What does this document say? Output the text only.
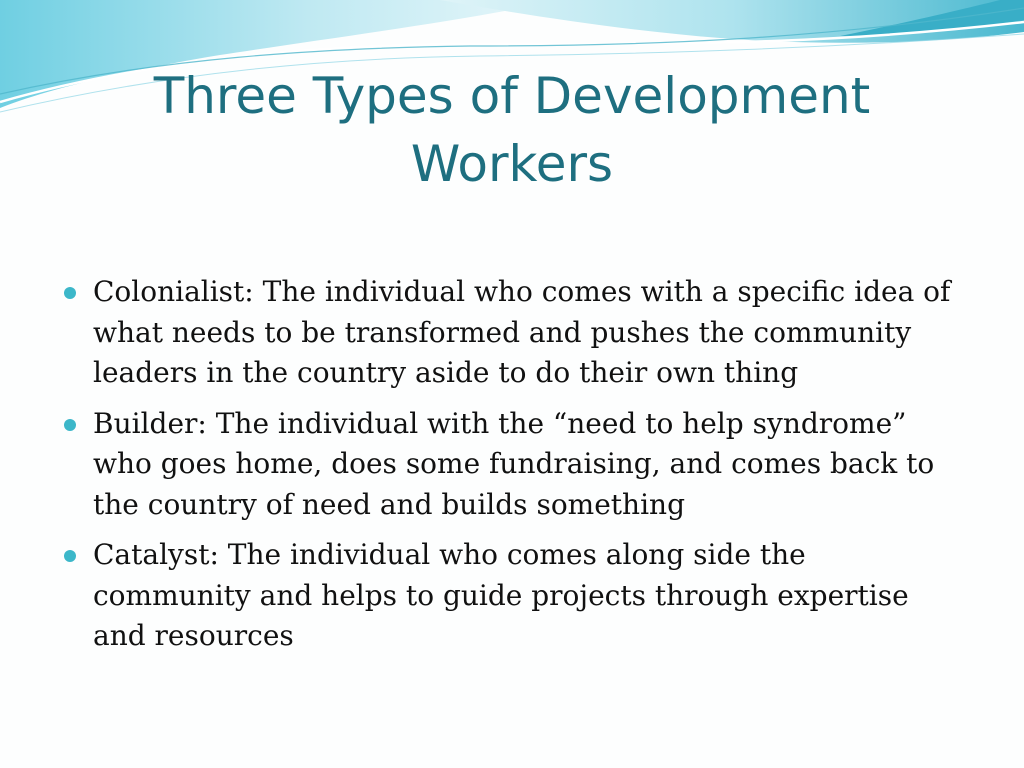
Three Types of Development Workers
Colonialist: The individual who comes with a specific idea of what needs to be transformed and pushes the community leaders in the country aside to do their own thing
Builder: The individual with the “need to help syndrome” who goes home, does some fundraising, and comes back to the country of need and builds something
Catalyst: The individual who comes along side the community and helps to guide projects through expertise and resources
